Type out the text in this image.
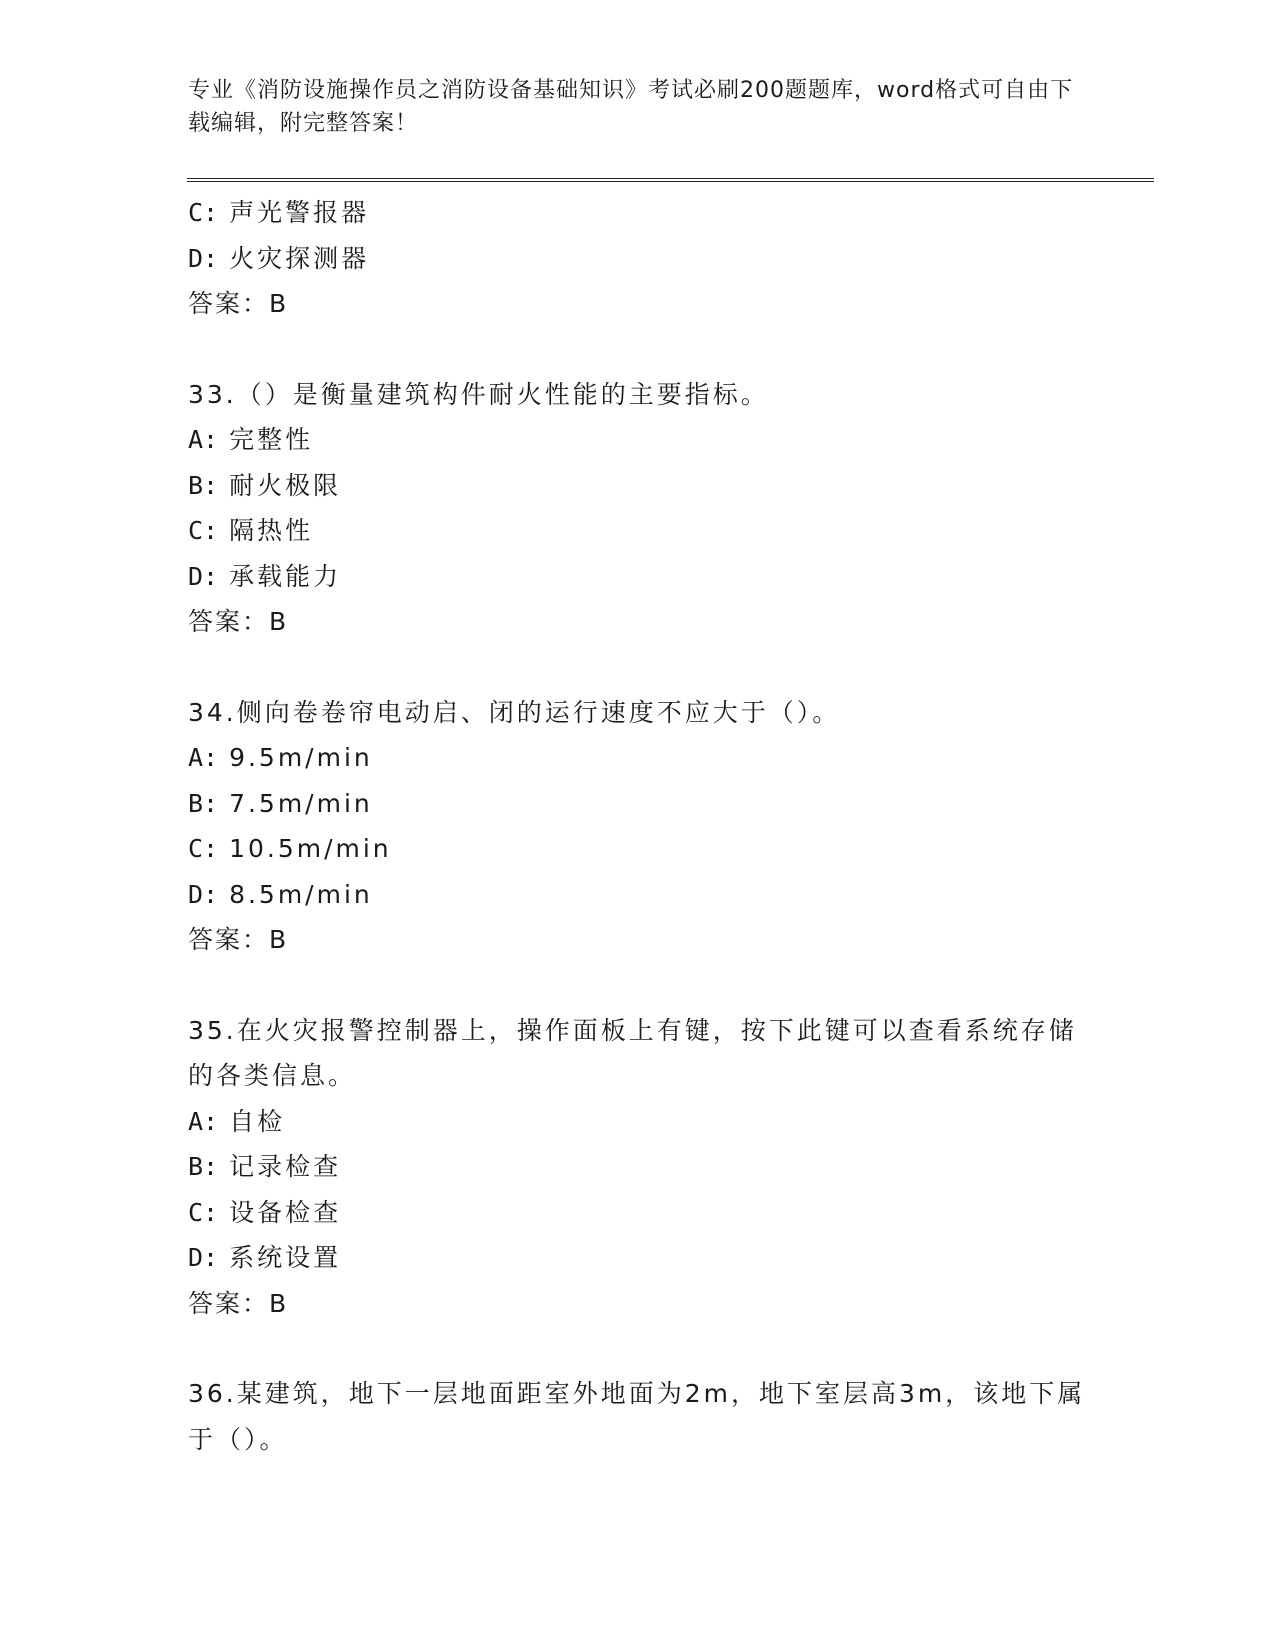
专业《消防设施操作员之消防设备基础知识》考试必刷200题题库，word格式可自由下载编辑，附完整答案！
C: 声光警报器
D: 火灾探测器
答案：B
33.（）是衡量建筑构件耐火性能的主要指标。
A: 完整性
B: 耐火极限
C: 隔热性
D: 承载能力
答案：B
34.侧向卷卷帘电动启、闭的运行速度不应大于（）。
A: 9.5m/min
B: 7.5m/min
C: 10.5m/min
D: 8.5m/min
答案：B
35.在火灾报警控制器上，操作面板上有键，按下此键可以查看系统存储的各类信息。
A: 自检
B: 记录检查
C: 设备检查
D: 系统设置
答案：B
36.某建筑，地下一层地面距室外地面为2m，地下室层高3m，该地下属于（）。
